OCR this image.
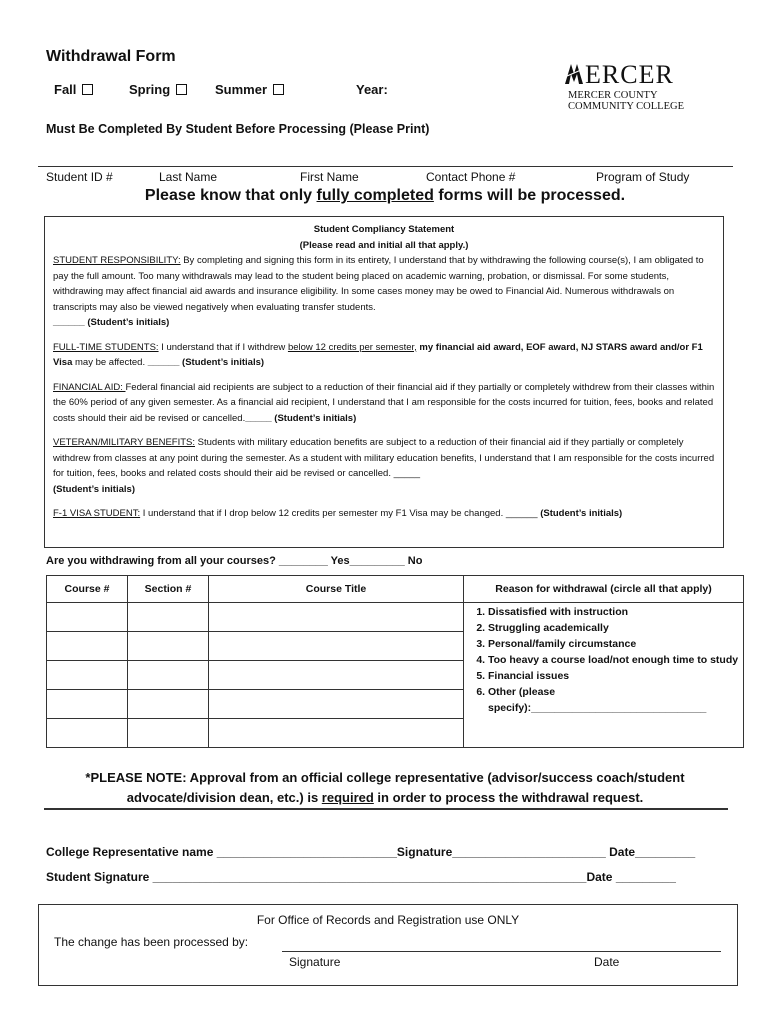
Withdrawal Form
Fall	Spring	Summer	Year:
ERCER
MERCER COUNTY
COMMUNITY COLLEGE
Must Be Completed By Student Before Processing (Please Print)
Student ID #	Last Name	First Name	Contact Phone #	Program of Study
Please know that only fully completed forms will be processed.
Student Compliancy Statement
(Please read and initial all that apply.)

STUDENT RESPONSIBILITY: By completing and signing this form in its entirety, I understand that by withdrawing the following course(s), I am obligated to pay the full amount. Too many withdrawals may lead to the student being placed on academic warning, probation, or dismissal. For some students, withdrawing may affect financial aid awards and insurance eligibility. In some cases money may be owed to Financial Aid. Numerous withdrawals on transcripts may also be viewed negatively when evaluating transfer students.
______ (Student’s initials)

FULL-TIME STUDENTS: I understand that if I withdrew below 12 credits per semester, my financial aid award, EOF award, NJ STARS award and/or F1 Visa may be affected. ______ (Student’s initials)

FINANCIAL AID: Federal financial aid recipients are subject to a reduction of their financial aid if they partially or completely withdrew from their classes within the 60% period of any given semester. As a financial aid recipient, I understand that I am responsible for the costs incurred for tuition, fees, books and related costs should their aid be revised or cancelled._____ (Student’s initials)

VETERAN/MILITARY BENEFITS: Students with military education benefits are subject to a reduction of their financial aid if they partially or completely withdrew from classes at any point during the semester. As a student with military education benefits, I understand that I am responsible for the costs incurred for tuition, fees, books and related costs should their aid be revised or cancelled. _____
(Student’s initials)

F-1 VISA STUDENT: I understand that if I drop below 12 credits per semester my F1 Visa may be changed. ______ (Student’s initials)

Are you withdrawing from all your courses? ________ Yes_________ No
Course #	Section #	Course Title	Reason for withdrawal (circle all that apply)

1. Dissatisfied with instruction
2. Struggling academically
3. Personal/family circumstance
4. Too heavy a course load/not enough time to study
5. Financial issues
6. Other (please specify):______________________________
*PLEASE NOTE: Approval from an official college representative (advisor/success coach/student advocate/division dean, etc.) is required in order to process the withdrawal request.
College Representative name ___________________________Signature_______________________ Date_________
Student Signature _________________________________________________________________Date _________
For Office of Records and Registration use ONLY
The change has been processed by:
Signature	Date
